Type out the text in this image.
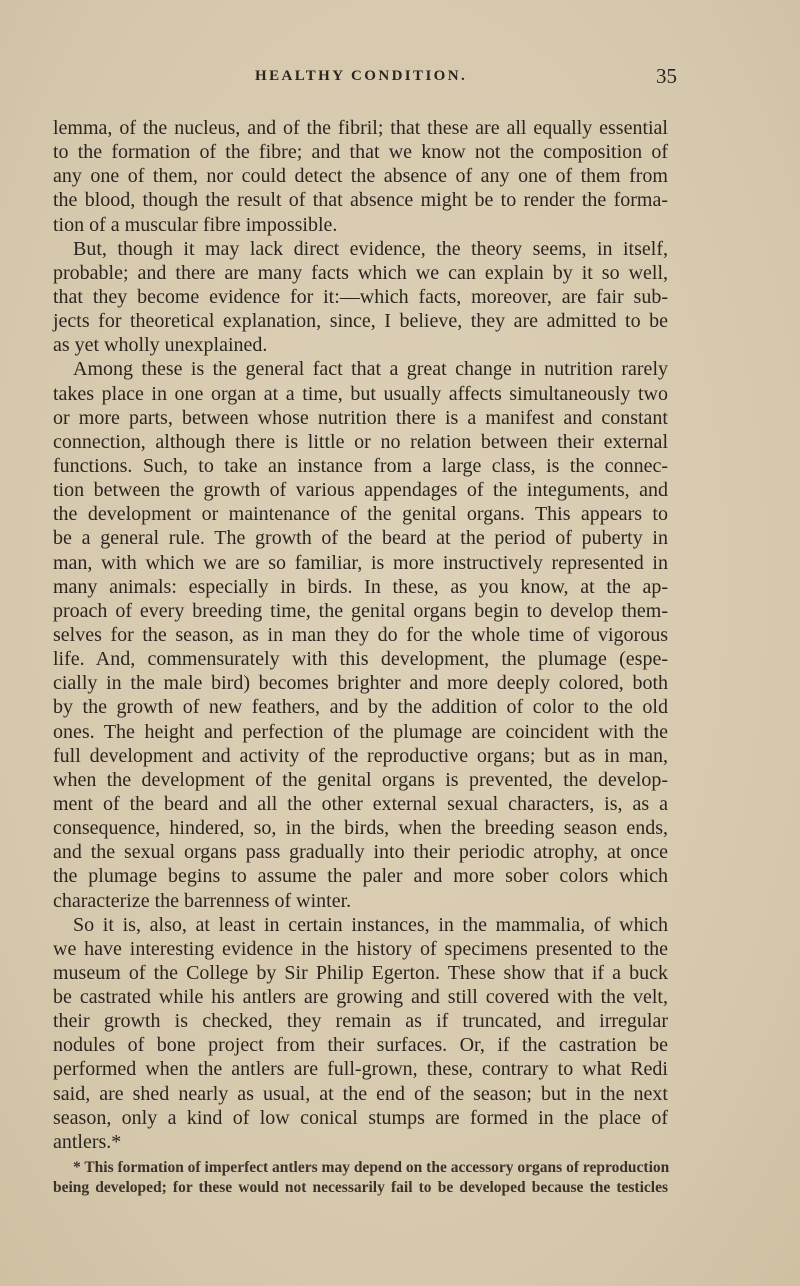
HEALTHY CONDITION.	35
lemma, of the nucleus, and of the fibril; that these are all equally essential
to the formation of the fibre; and that we know not the composition of
any one of them, nor could detect the absence of any one of them from
the blood, though the result of that absence might be to render the forma-
tion of a muscular fibre impossible.
But, though it may lack direct evidence, the theory seems, in itself,
probable; and there are many facts which we can explain by it so well,
that they become evidence for it:—which facts, moreover, are fair sub-
jects for theoretical explanation, since, I believe, they are admitted to be
as yet wholly unexplained.
Among these is the general fact that a great change in nutrition rarely
takes place in one organ at a time, but usually affects simultaneously two
or more parts, between whose nutrition there is a manifest and constant
connection, although there is little or no relation between their external
functions. Such, to take an instance from a large class, is the connec-
tion between the growth of various appendages of the integuments, and
the development or maintenance of the genital organs. This appears to
be a general rule. The growth of the beard at the period of puberty in
man, with which we are so familiar, is more instructively represented in
many animals: especially in birds. In these, as you know, at the ap-
proach of every breeding time, the genital organs begin to develop them-
selves for the season, as in man they do for the whole time of vigorous
life. And, commensurately with this development, the plumage (espe-
cially in the male bird) becomes brighter and more deeply colored, both
by the growth of new feathers, and by the addition of color to the old
ones. The height and perfection of the plumage are coincident with the
full development and activity of the reproductive organs; but as in man,
when the development of the genital organs is prevented, the develop-
ment of the beard and all the other external sexual characters, is, as a
consequence, hindered, so, in the birds, when the breeding season ends,
and the sexual organs pass gradually into their periodic atrophy, at once
the plumage begins to assume the paler and more sober colors which
characterize the barrenness of winter.
So it is, also, at least in certain instances, in the mammalia, of which
we have interesting evidence in the history of specimens presented to the
museum of the College by Sir Philip Egerton. These show that if a buck
be castrated while his antlers are growing and still covered with the velt,
their growth is checked, they remain as if truncated, and irregular
nodules of bone project from their surfaces. Or, if the castration be
performed when the antlers are full-grown, these, contrary to what Redi
said, are shed nearly as usual, at the end of the season; but in the next
season, only a kind of low conical stumps are formed in the place of
antlers.*
* This formation of imperfect antlers may depend on the accessory organs of reproduction
being developed; for these would not necessarily fail to be developed because the testicles
